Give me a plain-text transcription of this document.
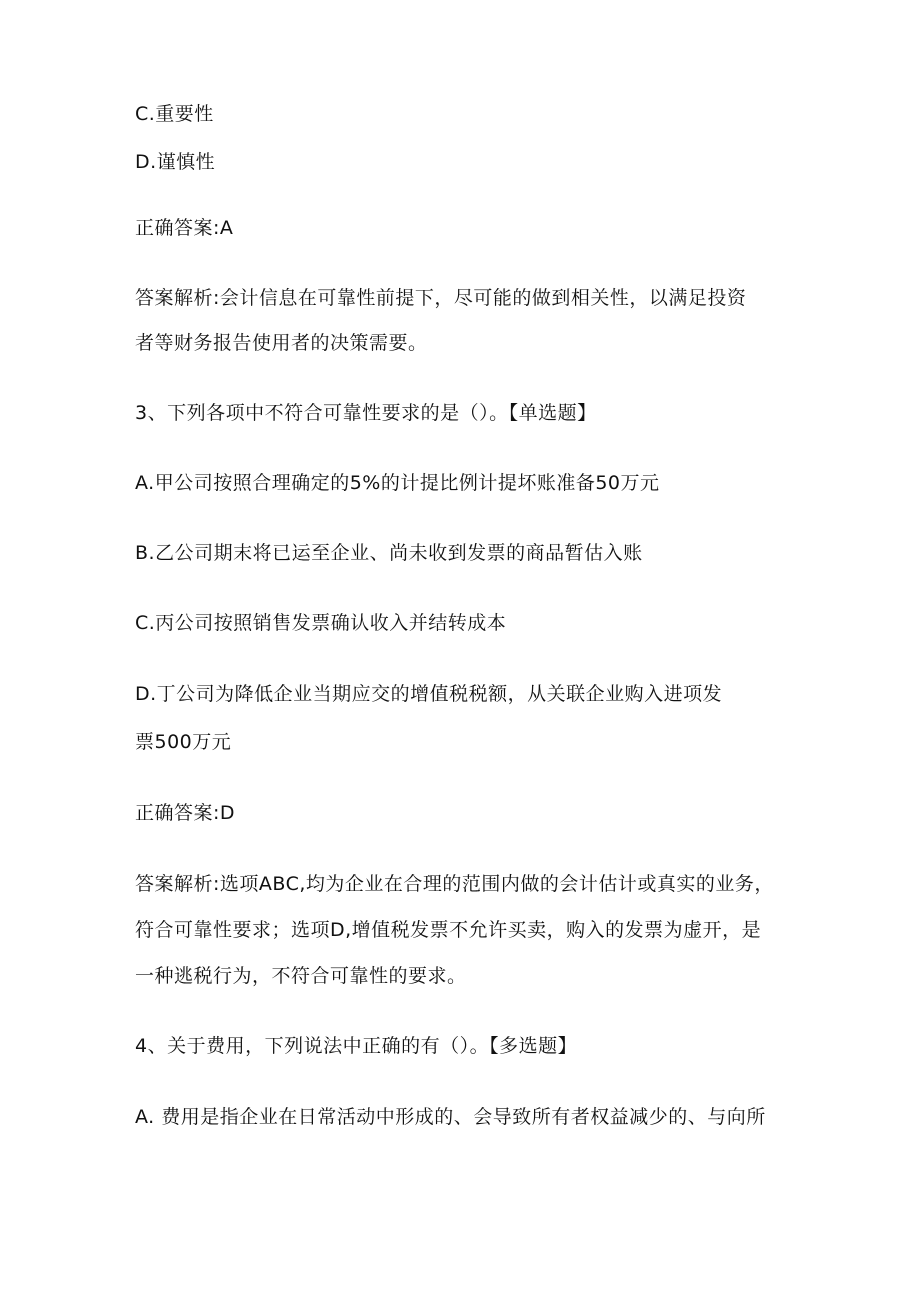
C.重要性

D.谨慎性

正确答案:A

答案解析:会计信息在可靠性前提下，尽可能的做到相关性，以满足投资

者等财务报告使用者的决策需要。

3、下列各项中不符合可靠性要求的是（）。【单选题】

A.甲公司按照合理确定的5%的计提比例计提坏账准备50万元

B.乙公司期末将已运至企业、尚未收到发票的商品暂估入账

C.丙公司按照销售发票确认收入并结转成本

D.丁公司为降低企业当期应交的增值税税额，从关联企业购入进项发

票500万元

正确答案:D

答案解析:选项ABC,均为企业在合理的范围内做的会计估计或真实的业务，

符合可靠性要求；选项D,增值税发票不允许买卖，购入的发票为虚开，是

一种逃税行为，不符合可靠性的要求。

4、关于费用，下列说法中正确的有（）。【多选题】

A. 费用是指企业在日常活动中形成的、会导致所有者权益减少的、与向所
